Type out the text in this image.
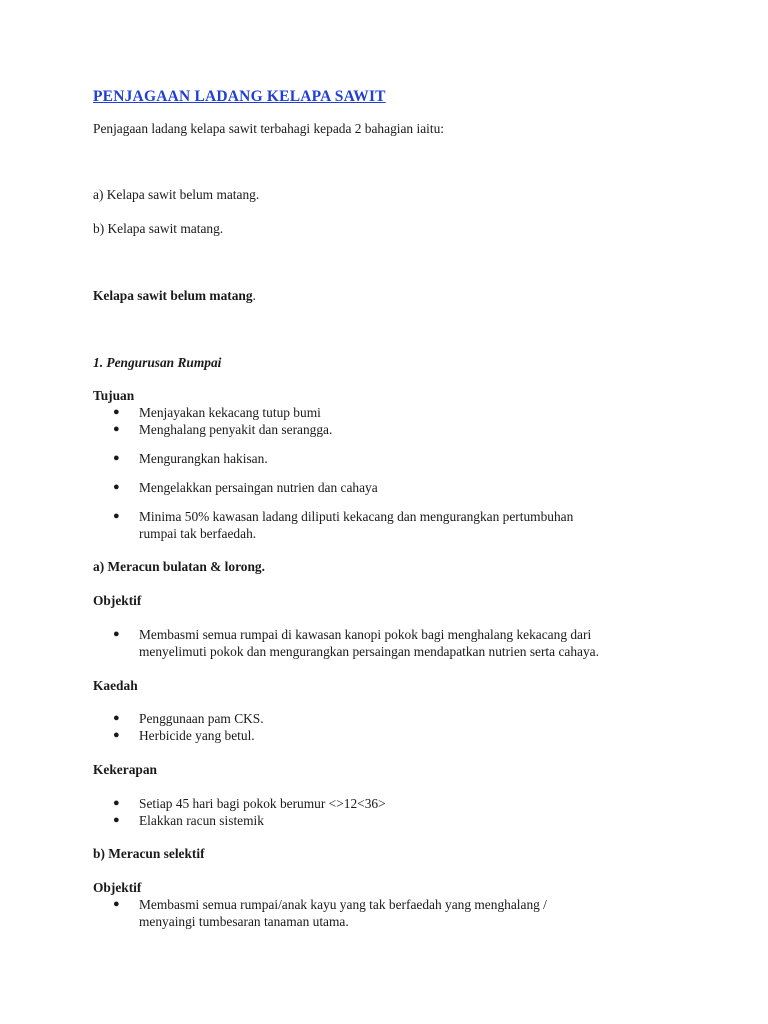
PENJAGAAN LADANG KELAPA SAWIT
Penjagaan ladang kelapa sawit terbahagi kepada 2 bahagian iaitu:
a) Kelapa sawit belum matang.
b) Kelapa sawit matang.
Kelapa sawit belum matang.
1. Pengurusan Rumpai
Tujuan
● Menjayakan kekacang tutup bumi
● Menghalang penyakit dan serangga.
● Mengurangkan hakisan.
● Mengelakkan persaingan nutrien dan cahaya
● Minima 50% kawasan ladang diliputi kekacang dan mengurangkan pertumbuhan
rumpai tak berfaedah.
a) Meracun bulatan & lorong.
Objektif
● Membasmi semua rumpai di kawasan kanopi pokok bagi menghalang kekacang dari
menyelimuti pokok dan mengurangkan persaingan mendapatkan nutrien serta cahaya.
Kaedah
● Penggunaan pam CKS.
● Herbicide yang betul.
Kekerapan
● Setiap 45 hari bagi pokok berumur <>12<36>
● Elakkan racun sistemik
b) Meracun selektif
Objektif
● Membasmi semua rumpai/anak kayu yang tak berfaedah yang menghalang /
menyaingi tumbesaran tanaman utama.
